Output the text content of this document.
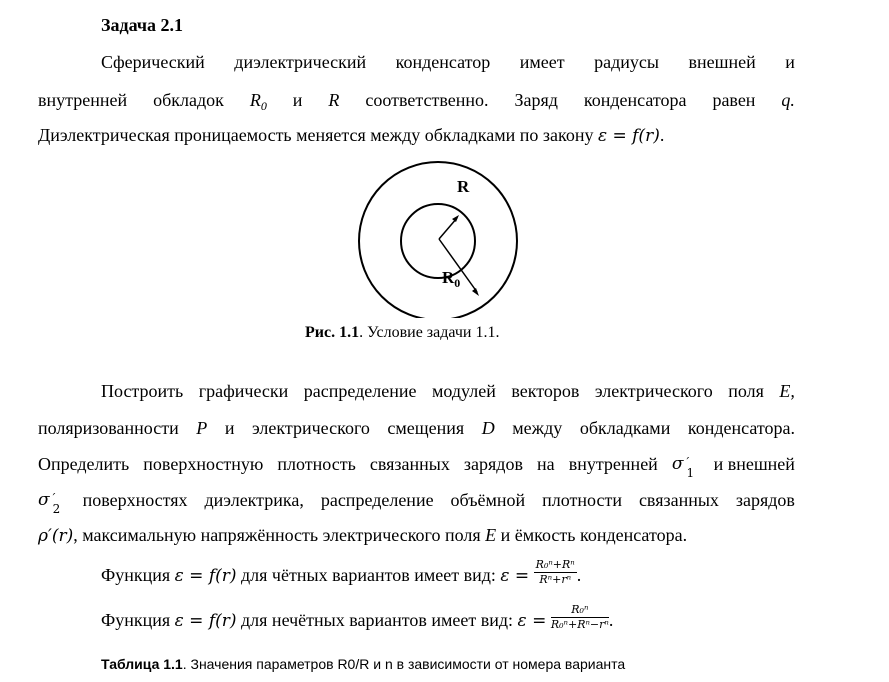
Задача 2.1
Сферический диэлектрический конденсатор имеет радиусы внешней и
внутренней обкладок $R_0$ и R соответственно. Заряд конденсатора равен q.
Диэлектрическая проницаемость меняется между обкладками по закону ε = f(r).
R
$R_0$
Рис. 1.1. Условие задачи 1.1.
Построить графически распределение модулей векторов электрического поля E,
поляризованности P и электрического смещения D между обкладками конденсатора.
Определить поверхностную плотность связанных зарядов на внутренней σ ′
1 и внешней
σ ′
2 поверхностях диэлектрика, распределение объёмной плотности связанных зарядов
ρ′(r), максимальную напряжённость электрического поля E и ёмкость конденсатора.
Функция ε = f(r) для чётных вариантов имеет вид: $\varepsilon = \frac{\text{R₀ⁿ+Rⁿ}}{\text{Rⁿ+rⁿ}}$ .
Функция ε = f(r) для нечётных вариантов имеет вид: $\varepsilon = \frac{\text{R₀ⁿ}}{\text{R₀ⁿ+Rⁿ−rⁿ}}$ .
Таблица 1.1. Значения параметров R0/R и n в зависимости от номера варианта
